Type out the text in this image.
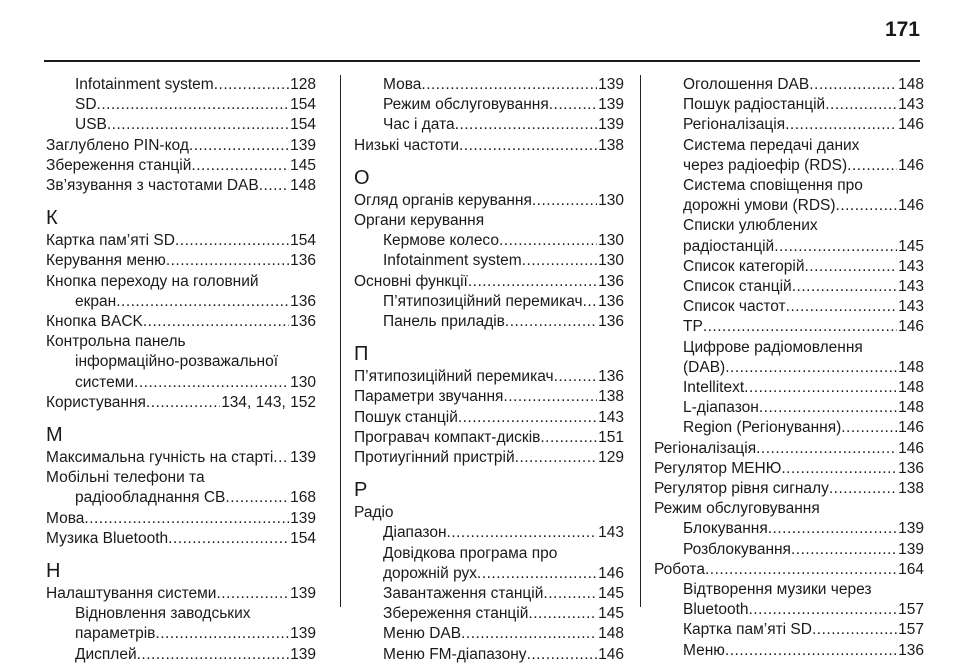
171
Infotainment system .....	128
SD .....	154
USB .....	154
Заглублено PIN-код .....	139
Збереження станцій .....	145
Зв’язування з частотами DAB ..... 148
К
Картка пам’яті SD .....	154
Керування меню .....	136
Кнопка переходу на головний
екран .....	136
Кнопка BACK .....	136
Контрольна панель
інформаційно-розважальної
системи .....	130
Користування .....	134, 143, 152
М
Максимальна гучність на старті ..... 139
Мобільні телефони та
радіообладнання CB .....	168
Мова .....	139
Музика Bluetooth .....	154
Н
Налаштування системи .....	139
Відновлення заводських
параметрів .....	139
Дисплей .....	139
Мова .....	139
Режим обслуговування .....	139
Час і дата .....	139
Низькі частоти .....	138
О
Огляд органів керування .....	130
Органи керування
Кермове колесо .....	130
Infotainment system .....	130
Основні функції .....	136
П’ятипозиційний перемикач ..... 136
Панель приладів .....	136
П
П’ятипозиційний перемикач .....	136
Параметри звучання .....	138
Пошук станцій .....	143
Програвач компакт-дисків .....	151
Протиугінний пристрій .....	129
Р
Радіо
Діапазон .....	143
Довідкова програма про
дорожній рух .....	146
Завантаження станцій .....	145
Збереження станцій .....	145
Меню DAB .....	148
Меню FM-діапазону .....	146
Оголошення DAB .....	148
Пошук радіостанцій .....	143
Регіоналізація .....	146
Система передачі даних
через радіоефір (RDS) .....	146
Система сповіщення про
дорожні умови (RDS) .....	146
Списки улюблених
радіостанцій .....	145
Список категорій .....	143
Список станцій .....	143
Список частот .....	143
TP .....	146
Цифрове радіомовлення
(DAB) .....	148
Intellitext .....	148
L-діапазон .....	148
Region (Регіонування) .....	146
Регіоналізація .....	146
Регулятор МЕНЮ .....	136
Регулятор рівня сигналу .....	138
Режим обслуговування
Блокування .....	139
Розблокування .....	139
Робота .....	164
Відтворення музики через
Bluetooth .....	157
Картка пам’яті SD .....	157
Меню .....	136
